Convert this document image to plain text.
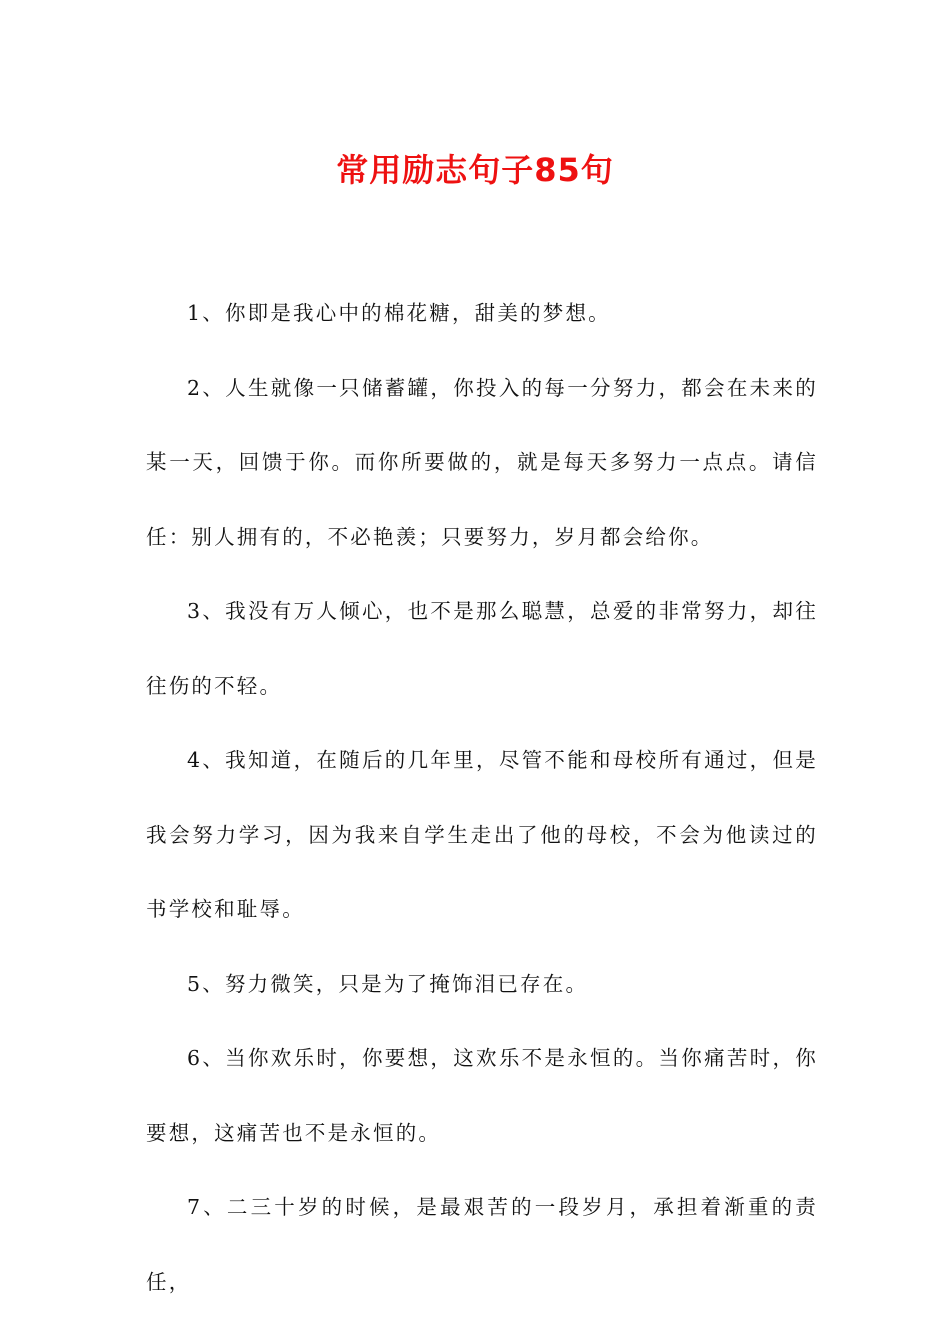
常用励志句子85句

1、你即是我心中的棉花糖，甜美的梦想。

2、人生就像一只储蓄罐，你投入的每一分努力，都会在未来的某一天，回馈于你。而你所要做的，就是每天多努力一点点。请信任：别人拥有的，不必艳羡；只要努力，岁月都会给你。

3、我没有万人倾心，也不是那么聪慧，总爱的非常努力，却往往伤的不轻。

4、我知道，在随后的几年里，尽管不能和母校所有通过，但是我会努力学习，因为我来自学生走出了他的母校，不会为他读过的书学校和耻辱。

5、努力微笑，只是为了掩饰泪已存在。

6、当你欢乐时，你要想，这欢乐不是永恒的。当你痛苦时，你要想，这痛苦也不是永恒的。

7、二三十岁的时候，是最艰苦的一段岁月，承担着渐重的责任，
